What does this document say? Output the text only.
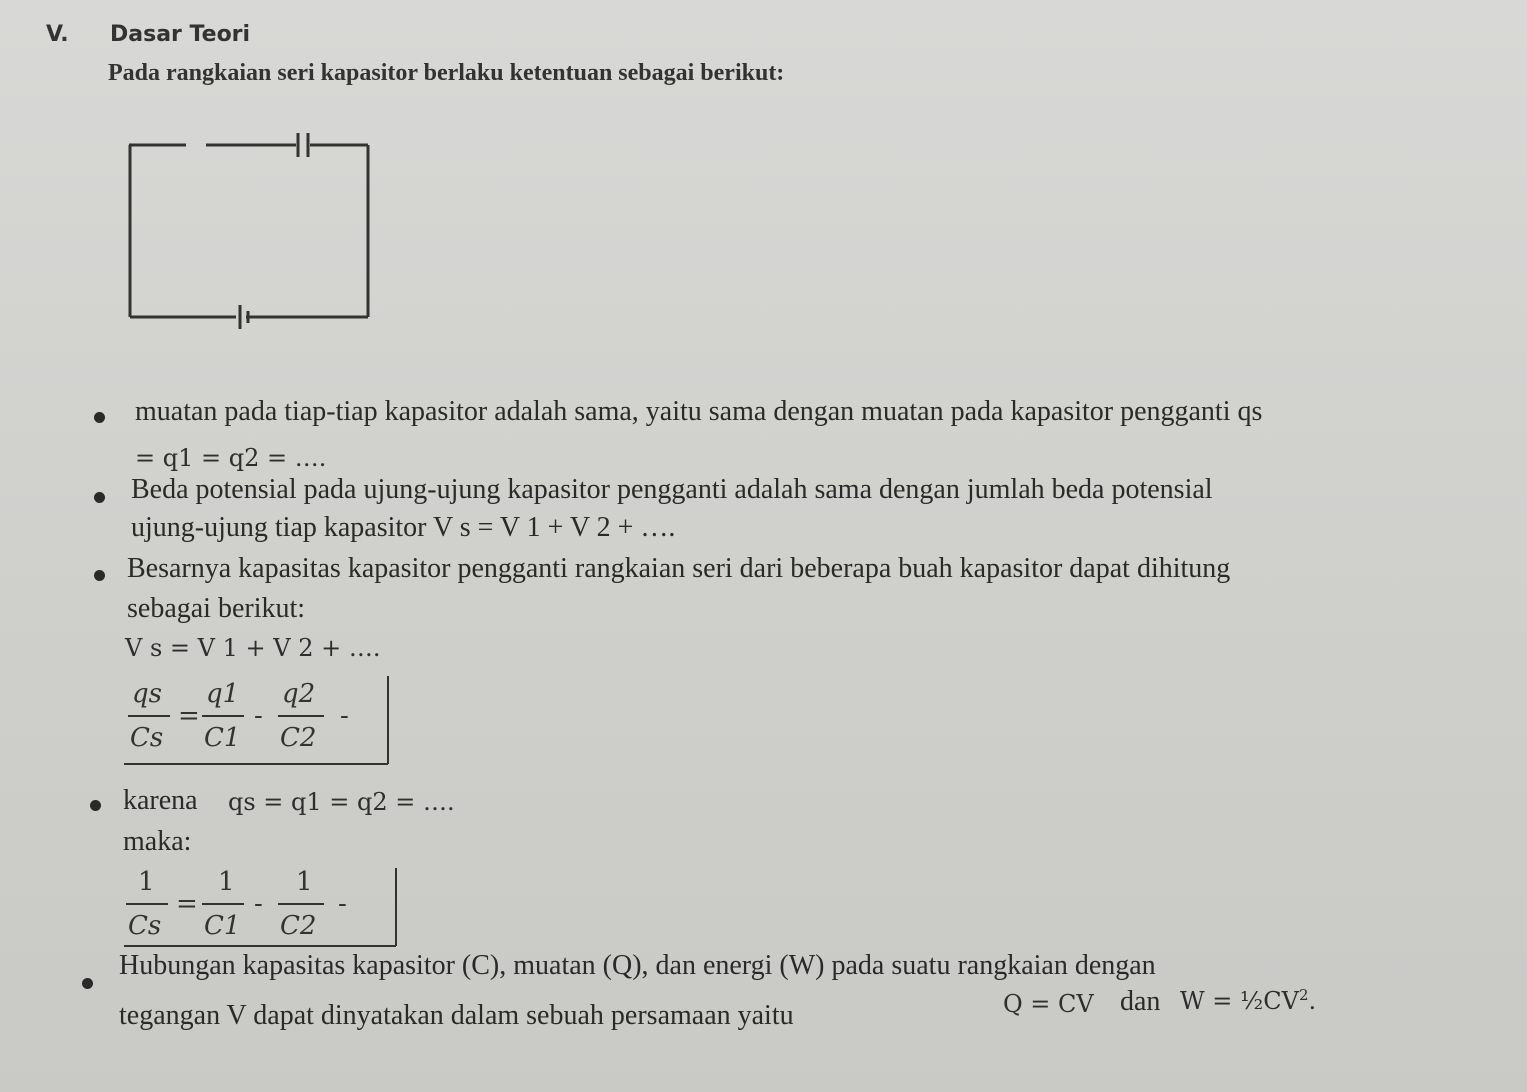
V. Dasar Teori
Pada rangkaian seri kapasitor berlaku ketentuan sebagai berikut:
muatan pada tiap-tiap kapasitor adalah sama, yaitu sama dengan muatan pada kapasitor pengganti qs
= q1 = q2 = ….
Beda potensial pada ujung-ujung kapasitor pengganti adalah sama dengan jumlah beda potensial
ujung-ujung tiap kapasitor V s = V 1 + V 2 + ….
Besarnya kapasitas kapasitor pengganti rangkaian seri dari beberapa buah kapasitor dapat dihitung
sebagai berikut:
V s = V 1 + V 2 + ….
qs
Cs
=
q1
C1
-
q2
C2
-
karena qs = q1 = q2 = ….
maka:
1
Cs
=
1
C1
-
1
C2
-
Hubungan kapasitas kapasitor (C), muatan (Q), dan energi (W) pada suatu rangkaian dengan
tegangan V dapat dinyatakan dalam sebuah persamaan yaitu	Q = CV dan $W = \frac{1}{2}CV^2$.
